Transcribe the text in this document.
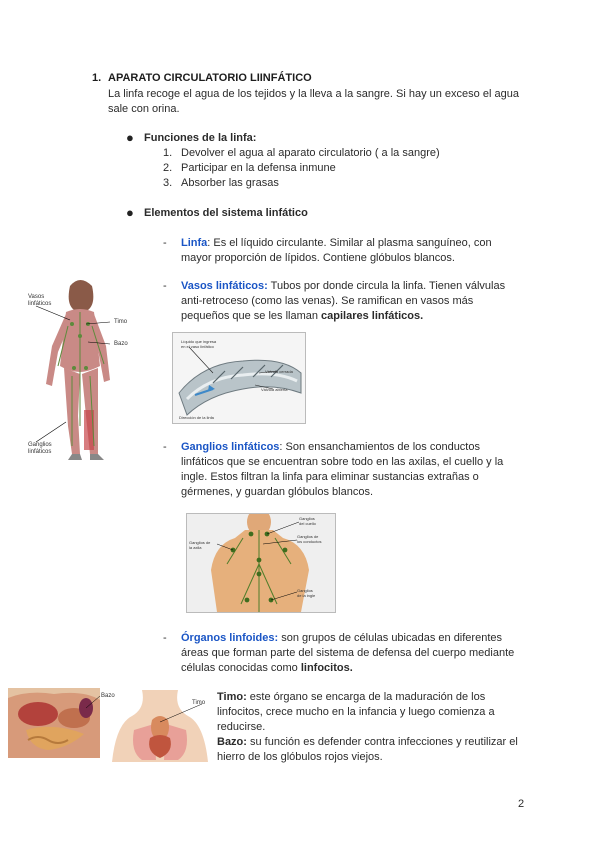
1. APARATO CIRCULATORIO LIINFÁTICO
La linfa recoge el agua de los tejidos y la lleva a la sangre. Si hay un exceso el agua
sale con orina.
● Funciones de la linfa:
1. Devolver el agua al aparato circulatorio ( a la sangre)
2. Participar en la defensa inmune
3. Absorber las grasas
● Elementos del sistema linfático
- Linfa: Es el líquido circulante. Similar al plasma sanguíneo, con
mayor proporción de lípidos. Contiene glóbulos blancos.
- Vasos linfáticos: Tubos por donde circula la linfa. Tienen válvulas
anti-retroceso (como las venas). Se ramifican en vasos más
pequeños que se les llaman capilares linfáticos.
Líquido que ingresa
en el vaso linfático
Válvula cerrada
Válvula abierta
Dirección de la linfa
Vasos
linfáticos
Timo
Bazo
Ganglios
linfáticos	- Ganglios linfáticos: Son ensanchamientos de los conductos
linfáticos que se encuentran sobre todo en las axilas, el cuello y la
ingle. Estos filtran la linfa para eliminar sustancias extrañas o
gérmenes, y guardan glóbulos blancos.
Ganglios
del cuello
Ganglios de
la axila
Ganglios de
los conductos
Ganglios
de la ingle
- Órganos linfoides: son grupos de células ubicadas en diferentes
áreas que forman parte del sistema de defensa del cuerpo mediante
células conocidas como linfocitos.
Bazo
Timo Timo: este órgano se encarga de la maduración de los
linfocitos, crece mucho en la infancia y luego comienza a
reducirse.
Bazo: su función es defender contra infecciones y reutilizar el
hierro de los glóbulos rojos viejos.
2
